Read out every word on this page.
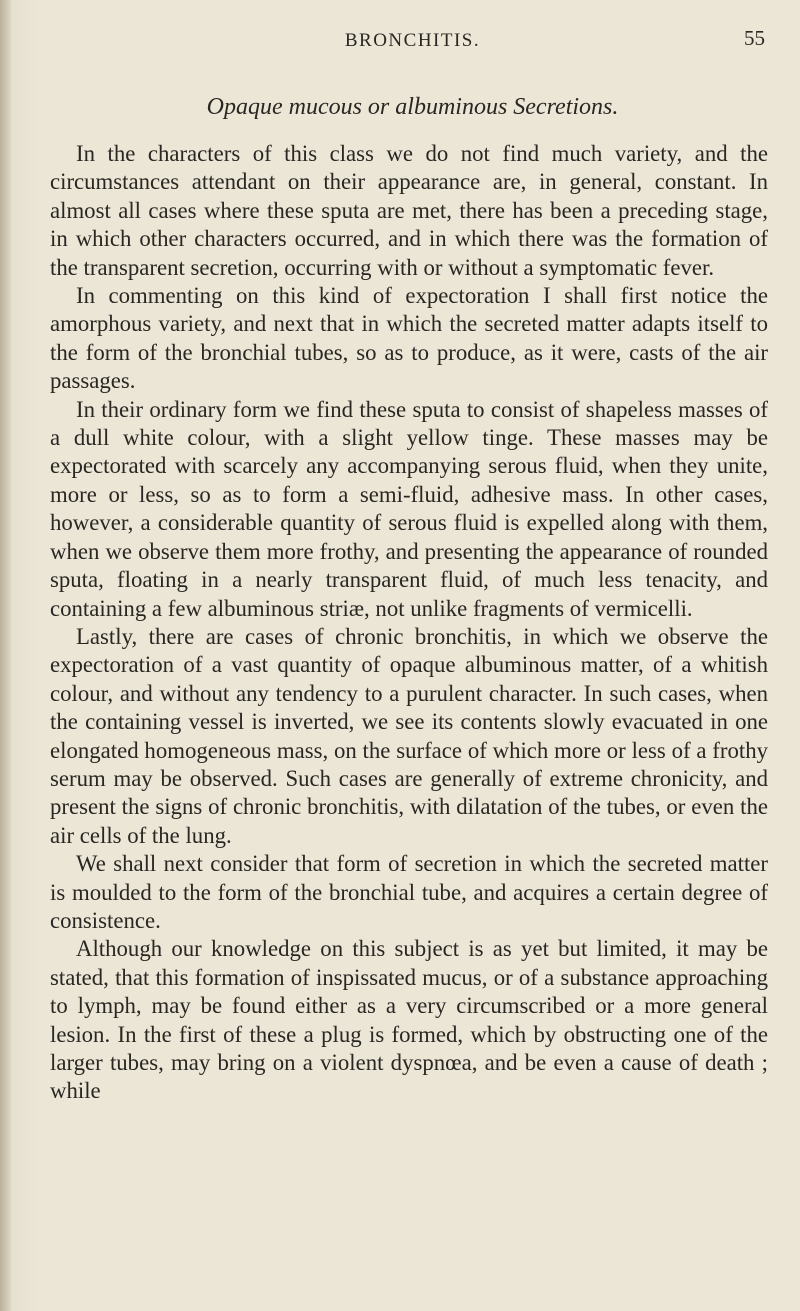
BRONCHITIS.	55
Opaque mucous or albuminous Secretions.

In the characters of this class we do not find much variety, and the circumstances attendant on their appearance are, in general, constant. In almost all cases where these sputa are met, there has been a preceding stage, in which other characters occurred, and in which there was the formation of the transparent secretion, occurring with or without a symptomatic fever.

In commenting on this kind of expectoration I shall first notice the amorphous variety, and next that in which the secreted matter adapts itself to the form of the bronchial tubes, so as to produce, as it were, casts of the air passages.

In their ordinary form we find these sputa to consist of shapeless masses of a dull white colour, with a slight yellow tinge. These masses may be expectorated with scarcely any accompanying serous fluid, when they unite, more or less, so as to form a semi-fluid, adhesive mass. In other cases, however, a considerable quantity of serous fluid is expelled along with them, when we observe them more frothy, and presenting the appearance of rounded sputa, floating in a nearly transparent fluid, of much less tenacity, and containing a few albuminous striæ, not unlike fragments of vermicelli.

Lastly, there are cases of chronic bronchitis, in which we observe the expectoration of a vast quantity of opaque albuminous matter, of a whitish colour, and without any tendency to a purulent character. In such cases, when the containing vessel is inverted, we see its contents slowly evacuated in one elongated homogeneous mass, on the surface of which more or less of a frothy serum may be observed. Such cases are generally of extreme chronicity, and present the signs of chronic bronchitis, with dilatation of the tubes, or even the air cells of the lung.

We shall next consider that form of secretion in which the secreted matter is moulded to the form of the bronchial tube, and acquires a certain degree of consistence.

Although our knowledge on this subject is as yet but limited, it may be stated, that this formation of inspissated mucus, or of a substance approaching to lymph, may be found either as a very circumscribed or a more general lesion. In the first of these a plug is formed, which by obstructing one of the larger tubes, may bring on a violent dyspnœa, and be even a cause of death ; while
